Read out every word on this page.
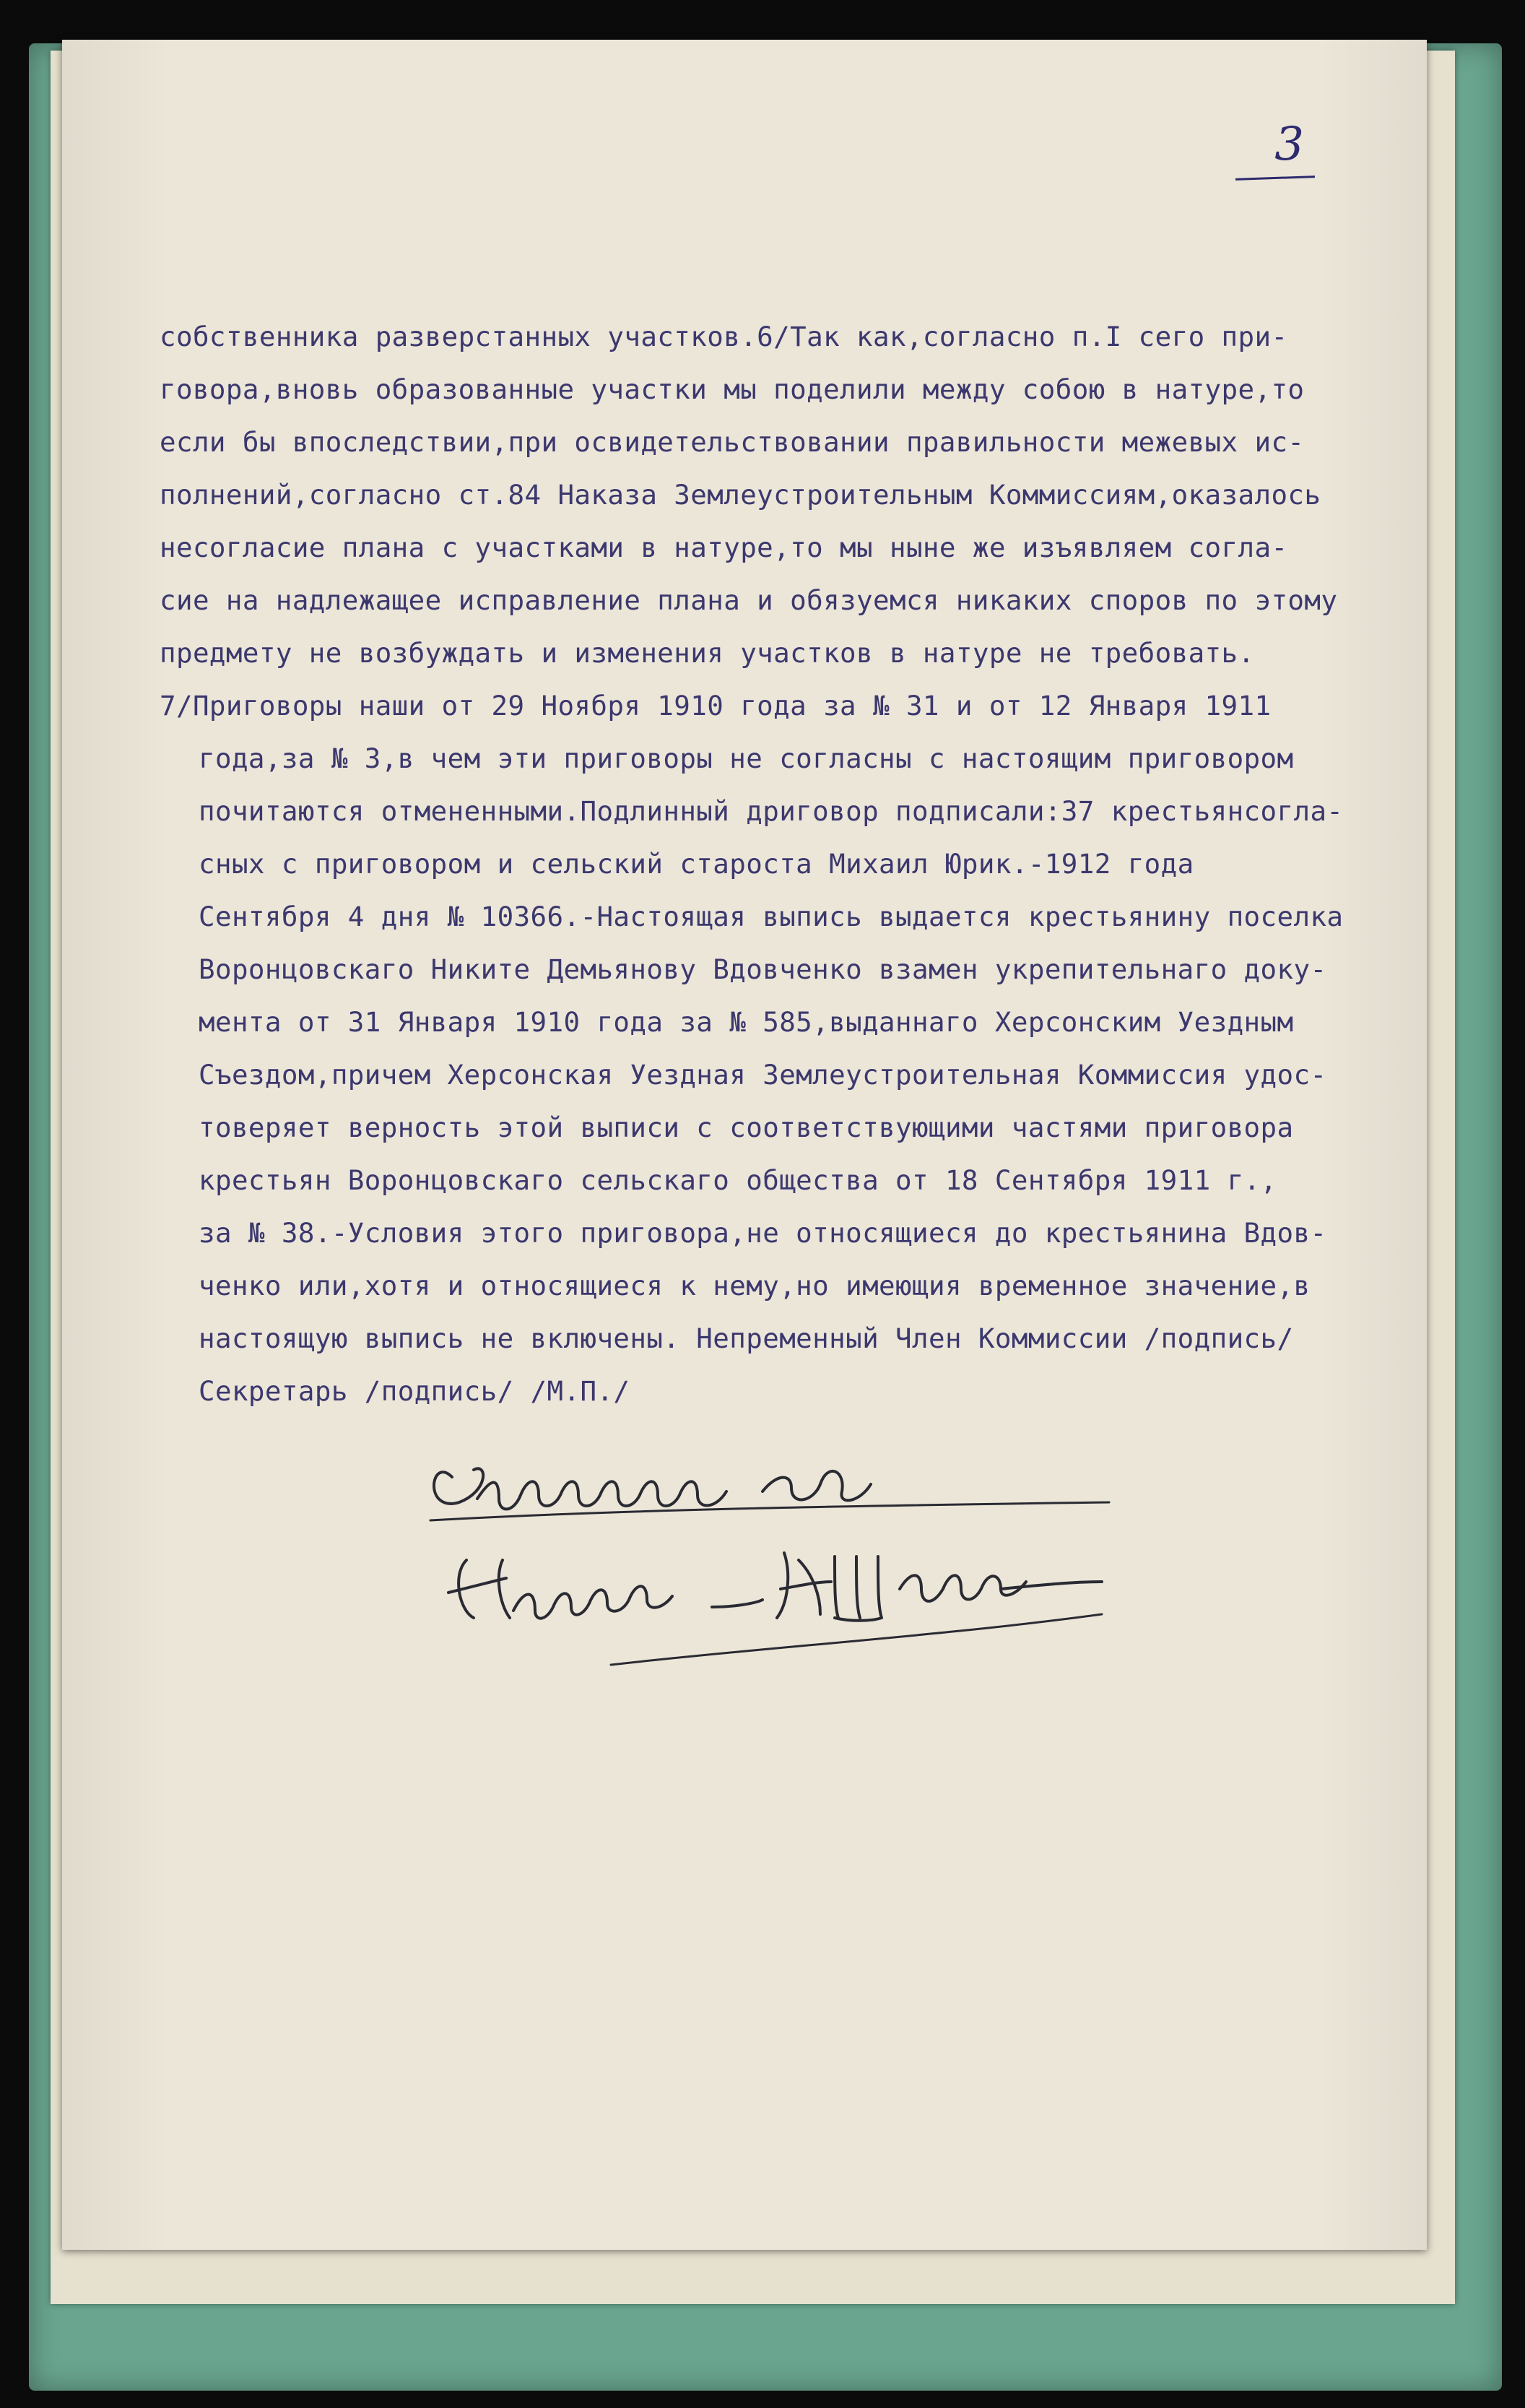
3
собственника разверстанных участков.6/Так как,согласно п.I сего при-
говора,вновь образованные участки мы поделили между собою в натуре,то
если бы впоследствии,при освидетельствовании правильности межевых ис-
полнений,согласно ст.84 Наказа Землеустроительным Коммиссиям,оказалось
несогласие плана с участками в натуре,то мы ныне же изъявляем согла-
сие на надлежащее исправление плана и обязуемся никаких споров по этому
предмету не возбуждать и изменения участков в натуре не требовать.
7/Приговоры наши от 29 Ноября 1910 года за № 31 и от 12 Января 1911
года,за № 3,в чем эти приговоры не согласны с настоящим приговором
почитаются отмененными.Подлинный дриговор подписали:37 крестьянсогла-
сных с приговором и сельский староста Михаил Юрик.-1912 года
Сентября 4 дня № 10366.-Настоящая выпись выдается крестьянину поселка
Воронцовскаго Никите Демьянову Вдовченко взамен укрепительнаго доку-
мента от 31 Января 1910 года за № 585,выданнаго Херсонским Уездным
Съездом,причем Херсонская Уездная Землеустроительная Коммиссия удос-
товеряет верность этой выписи с соответствующими частями приговора
крестьян Воронцовскаго сельскаго общества от 18 Сентября 1911 г.,
за № 38.-Условия этого приговора,не относящиеся до крестьянина Вдов-
ченко или,хотя и относящиеся к нему,но имеющия временное значение,в
настоящую выпись не включены. Непременный Член Коммиссии /подпись/
Секретарь /подпись/ /М.П./
